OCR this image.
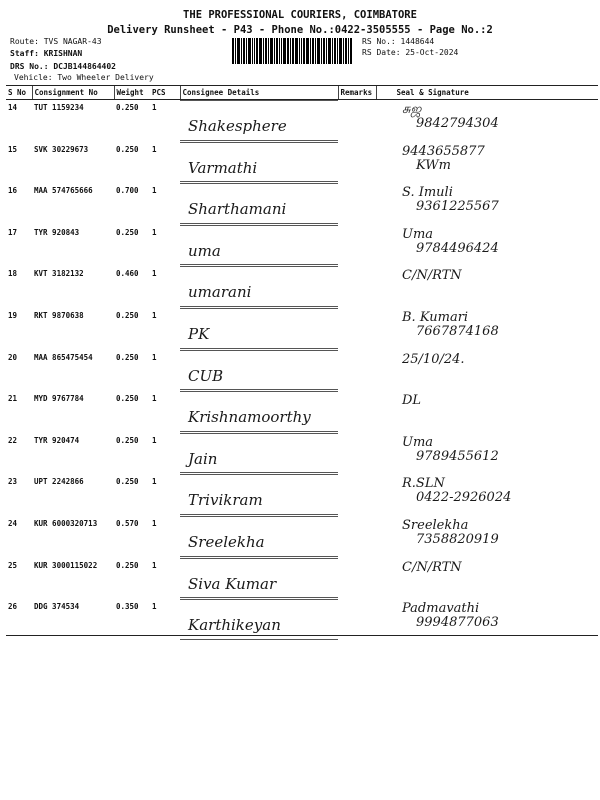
THE PROFESSIONAL COURIERS, COIMBATORE
Delivery Runsheet - P43 - Phone No.:0422-3505555 - Page No.:2
Route: TVS NAGAR-43
Staff: KRISHNAN
DRS No.: DCJB144864402
Vehicle: Two Wheeler Delivery
RS No.: 1448644
RS Date: 25-Oct-2024
S No	Consignment No	Weight	PCS	Consignee Details	Remarks	Seal & Signature
14	TUT 1159234	0.250	1	Shakesphere		சுஜ
9842794304

15	SVK 30229673	0.250	1	Varmathi		9443655877
KWm

16	MAA 574765666	0.700	1	Sharthamani		S. Imuli
9361225567

17	TYR 920843	0.250	1	uma		Uma
9784496424

18	KVT 3182132	0.460	1	umarani		C/N/RTN

19	RKT 9870638	0.250	1	PK		B. Kumari
7667874168

20	MAA 865475454	0.250	1	CUB		25/10/24.

21	MYD 9767784	0.250	1	Krishnamoorthy		DL

22	TYR 920474	0.250	1	Jain		Uma
9789455612

23	UPT 2242866	0.250	1	Trivikram		R.SLN
0422-2926024

24	KUR 6000320713	0.570	1	Sreelekha		Sreelekha
7358820919

25	KUR 3000115022	0.250	1	Siva Kumar		C/N/RTN

26	DDG 374534	0.350	1	Karthikeyan		Padmavathi
9994877063
